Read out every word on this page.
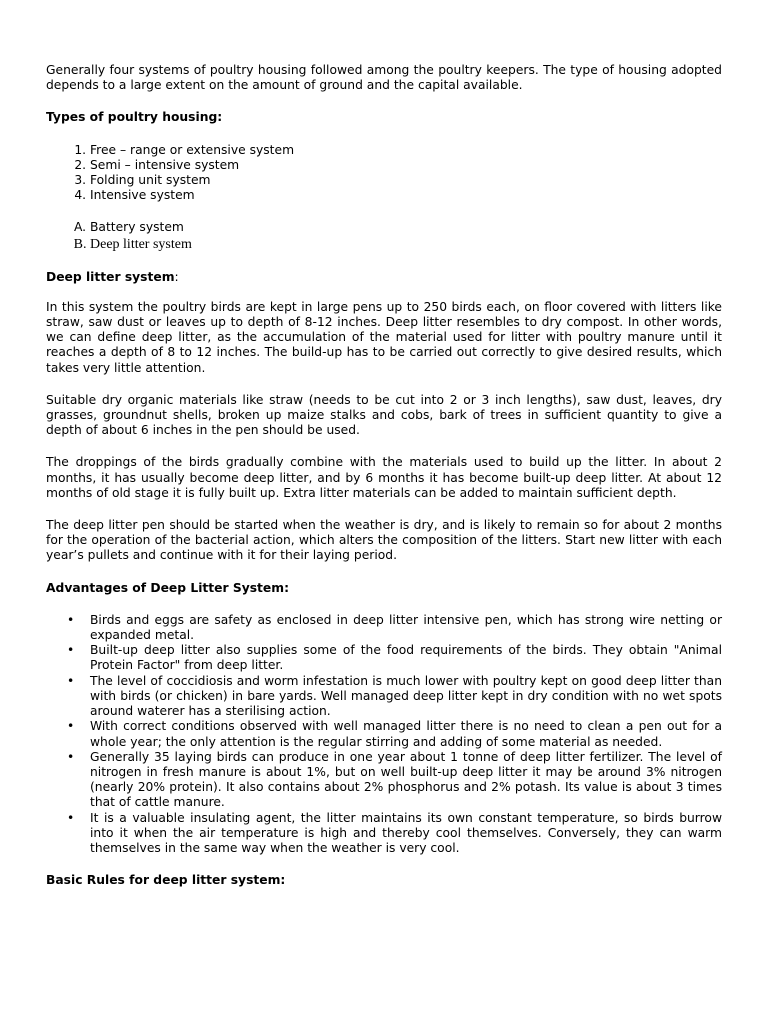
Generally four systems of poultry housing followed among the poultry keepers. The type of housing adopted depends to a large extent on the amount of ground and the capital available.

Types of poultry housing:

1. Free – range or extensive system
2. Semi – intensive system
3. Folding unit system
4. Intensive system
A. Battery system
B. Deep litter system

Deep litter system:

In this system the poultry birds are kept in large pens up to 250 birds each, on floor covered with litters like straw, saw dust or leaves up to depth of 8-12 inches. Deep litter resembles to dry compost. In other words, we can define deep litter, as the accumulation of the material used for litter with poultry manure until it reaches a depth of 8 to 12 inches. The build-up has to be carried out correctly to give desired results, which takes very little attention.

Suitable dry organic materials like straw (needs to be cut into 2 or 3 inch lengths), saw dust, leaves, dry grasses, groundnut shells, broken up maize stalks and cobs, bark of trees in sufficient quantity to give a depth of about 6 inches in the pen should be used.

The droppings of the birds gradually combine with the materials used to build up the litter. In about 2 months, it has usually become deep litter, and by 6 months it has become built-up deep litter. At about 12 months of old stage it is fully built up. Extra litter materials can be added to maintain sufficient depth.

The deep litter pen should be started when the weather is dry, and is likely to remain so for about 2 months for the operation of the bacterial action, which alters the composition of the litters. Start new litter with each year’s pullets and continue with it for their laying period.

Advantages of Deep Litter System:

• Birds and eggs are safety as enclosed in deep litter intensive pen, which has strong wire netting or expanded metal.
• Built-up deep litter also supplies some of the food requirements of the birds. They obtain "Animal Protein Factor" from deep litter.
• The level of coccidiosis and worm infestation is much lower with poultry kept on good deep litter than with birds (or chicken) in bare yards. Well managed deep litter kept in dry condition with no wet spots around waterer has a sterilising action.
• With correct conditions observed with well managed litter there is no need to clean a pen out for a whole year; the only attention is the regular stirring and adding of some material as needed.
• Generally 35 laying birds can produce in one year about 1 tonne of deep litter fertilizer. The level of nitrogen in fresh manure is about 1%, but on well built-up deep litter it may be around 3% nitrogen (nearly 20% protein). It also contains about 2% phosphorus and 2% potash. Its value is about 3 times that of cattle manure.
• It is a valuable insulating agent, the litter maintains its own constant temperature, so birds burrow into it when the air temperature is high and thereby cool themselves. Conversely, they can warm themselves in the same way when the weather is very cool.

Basic Rules for deep litter system:
